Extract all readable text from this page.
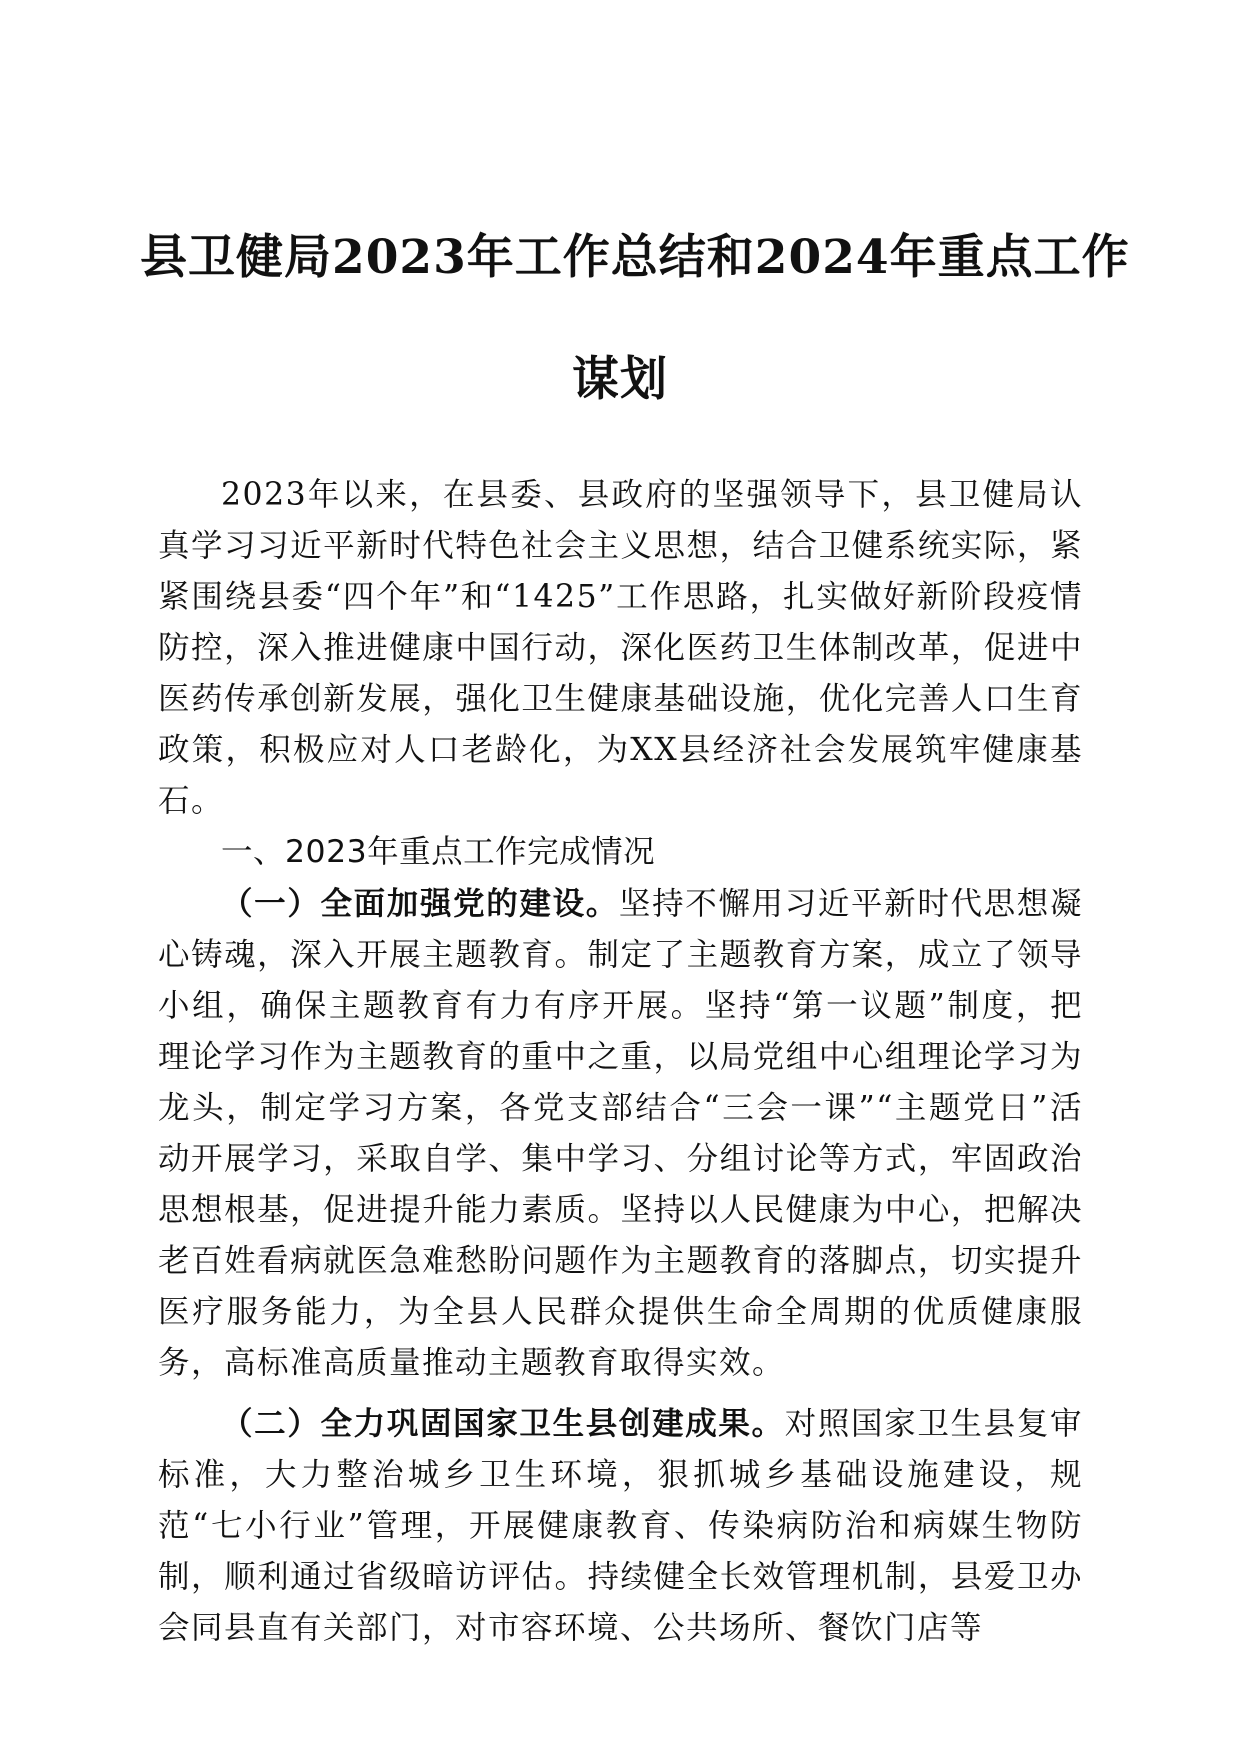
县卫健局2023年工作总结和2024年重点工作
谋划

2023年以来，在县委、县政府的坚强领导下，县卫健局认真学习习近平新时代特色社会主义思想，结合卫健系统实际，紧紧围绕县委“四个年”和“1425”工作思路，扎实做好新阶段疫情防控，深入推进健康中国行动，深化医药卫生体制改革，促进中医药传承创新发展，强化卫生健康基础设施，优化完善人口生育政策，积极应对人口老龄化，为XX县经济社会发展筑牢健康基石。

一、2023年重点工作完成情况

（一）全面加强党的建设。坚持不懈用习近平新时代思想凝心铸魂，深入开展主题教育。制定了主题教育方案，成立了领导小组，确保主题教育有力有序开展。坚持“第一议题”制度，把理论学习作为主题教育的重中之重，以局党组中心组理论学习为龙头，制定学习方案，各党支部结合“三会一课”“主题党日”活动开展学习，采取自学、集中学习、分组讨论等方式，牢固政治思想根基，促进提升能力素质。坚持以人民健康为中心，把解决老百姓看病就医急难愁盼问题作为主题教育的落脚点，切实提升医疗服务能力，为全县人民群众提供生命全周期的优质健康服务，高标准高质量推动主题教育取得实效。

（二）全力巩固国家卫生县创建成果。对照国家卫生县复审标准，大力整治城乡卫生环境，狠抓城乡基础设施建设，规范“七小行业”管理，开展健康教育、传染病防治和病媒生物防制，顺利通过省级暗访评估。持续健全长效管理机制，县爱卫办会同县直有关部门，对市容环境、公共场所、餐饮门店等
